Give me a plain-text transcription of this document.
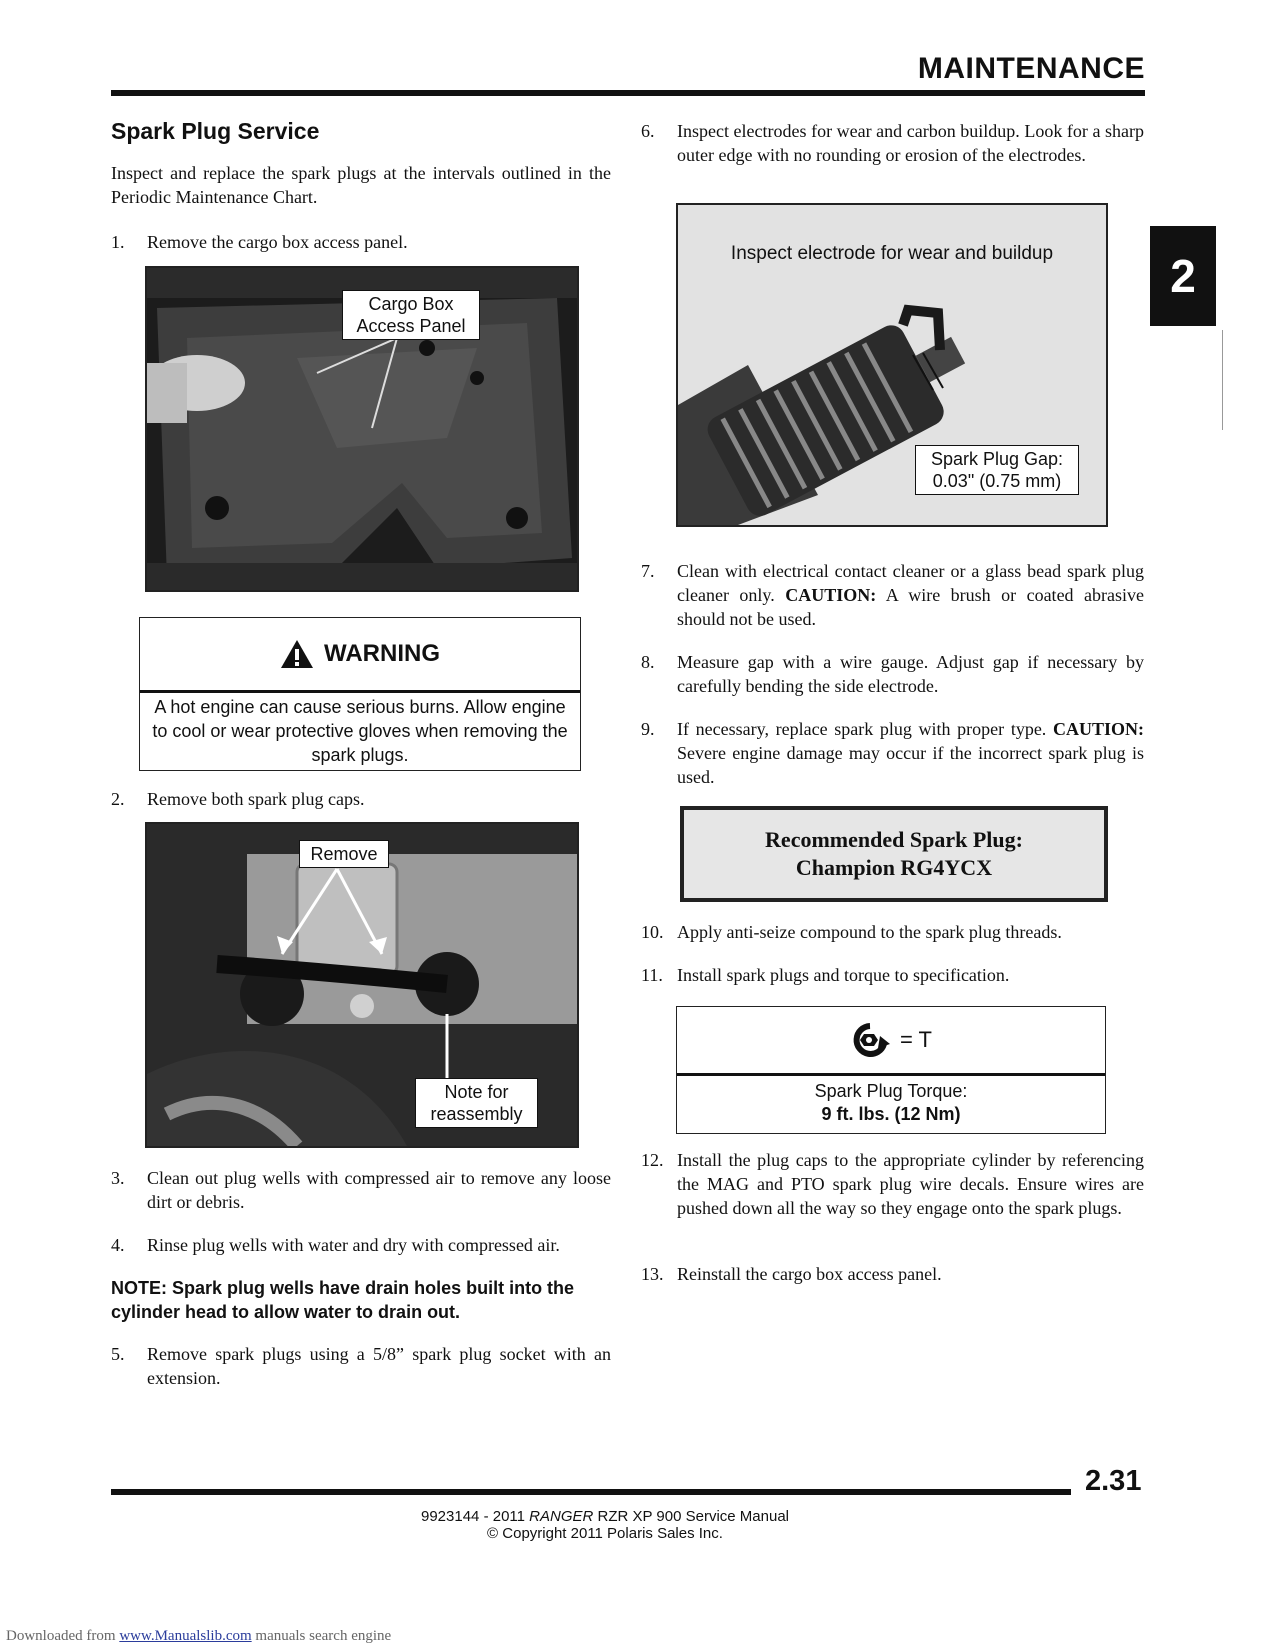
MAINTENANCE
2
Spark Plug Service
Inspect and replace the spark plugs at the intervals outlined in the Periodic Maintenance Chart.
1.	Remove the cargo box access panel.
Cargo Box
Access Panel
WARNING
A hot engine can cause serious burns. Allow engine to cool or wear protective gloves when removing the spark plugs.
2.	Remove both spark plug caps.
Remove
Note for
reassembly
3.	Clean out plug wells with compressed air to remove any loose dirt or debris.
4.	Rinse plug wells with water and dry with compressed air.
NOTE: Spark plug wells have drain holes built into the cylinder head to allow water to drain out.
5.	Remove spark plugs using a 5/8” spark plug socket with an extension.
6.	Inspect electrodes for wear and carbon buildup. Look for a sharp outer edge with no rounding or erosion of the electrodes.
Inspect electrode for wear and buildup
Spark Plug Gap:
0.03" (0.75 mm)
7.	Clean with electrical contact cleaner or a glass bead spark plug cleaner only. CAUTION: A wire brush or coated abrasive should not be used.
8.	Measure gap with a wire gauge. Adjust gap if necessary by carefully bending the side electrode.
9.	If necessary, replace spark plug with proper type. CAUTION: Severe engine damage may occur if the incorrect spark plug is used.
Recommended Spark Plug:
Champion RG4YCX
10. Apply anti-seize compound to the spark plug threads.
11. Install spark plugs and torque to specification.
= T
Spark Plug Torque:
9 ft. lbs. (12 Nm)
12. Install the plug caps to the appropriate cylinder by referencing the MAG and PTO spark plug wire decals. Ensure wires are pushed down all the way so they engage onto the spark plugs.
13. Reinstall the cargo box access panel.
2.31
9923144 - 2011 RANGER RZR XP 900 Service Manual
© Copyright 2011 Polaris Sales Inc.
Downloaded from www.Manualslib.com manuals search engine
